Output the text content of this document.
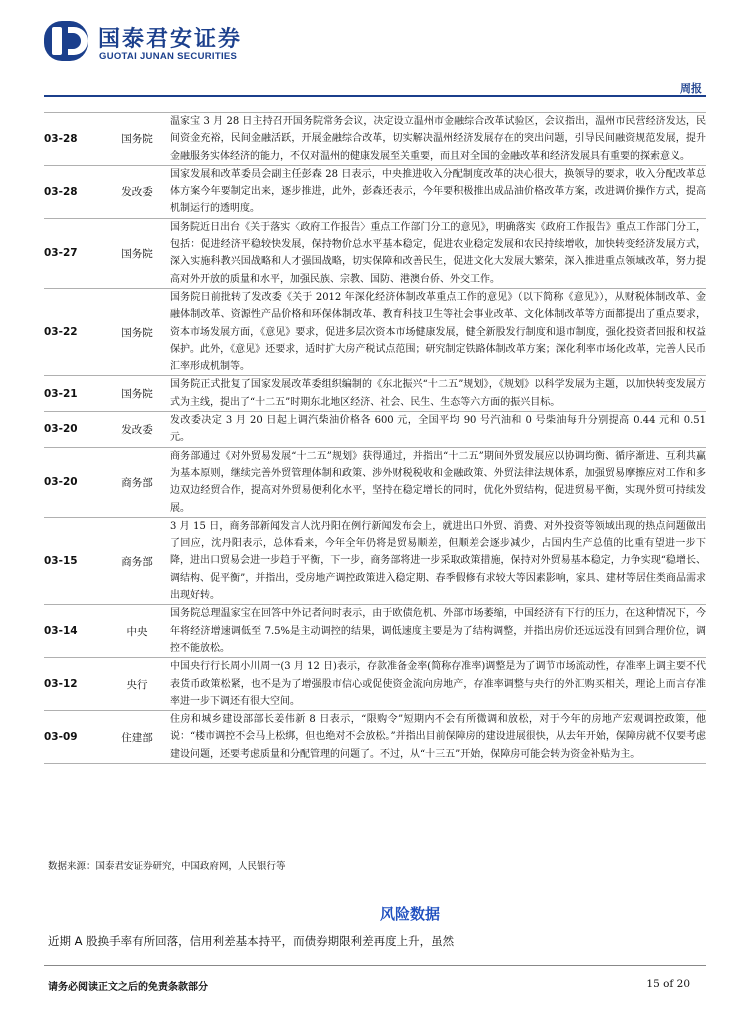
国泰君安证券
GUOTAI JUNAN SECURITIES
周报
03-28	国务院	温家宝 3 月 28 日主持召开国务院常务会议，决定设立温州市金融综合改革试验区，会议指出，温州市民营经济发达，民间资金充裕，民间金融活跃，开展金融综合改革，切实解决温州经济发展存在的突出问题，引导民间融资规范发展，提升金融服务实体经济的能力，不仅对温州的健康发展至关重要，而且对全国的金融改革和经济发展具有重要的探索意义。
03-28	发改委	国家发展和改革委员会副主任彭森 28 日表示，中央推进收入分配制度改革的决心很大，换领导的要求，收入分配改革总体方案今年要制定出来，逐步推进，此外，彭森还表示，今年要积极推出成品油价格改革方案，改进调价操作方式，提高机制运行的透明度。
03-27	国务院	国务院近日出台《关于落实〈政府工作报告〉重点工作部门分工的意见》，明确落实《政府工作报告》重点工作部门分工，包括：促进经济平稳较快发展，保持物价总水平基本稳定，促进农业稳定发展和农民持续增收，加快转变经济发展方式，深入实施科教兴国战略和人才强国战略，切实保障和改善民生，促进文化大发展大繁荣，深入推进重点领域改革，努力提高对外开放的质量和水平，加强民族、宗教、国防、港澳台侨、外交工作。
03-22	国务院	国务院日前批转了发改委《关于 2012 年深化经济体制改革重点工作的意见》（以下简称《意见》），从财税体制改革、金融体制改革、资源性产品价格和环保体制改革、教育科技卫生等社会事业改革、文化体制改革等方面都提出了重点要求，资本市场发展方面，《意见》要求，促进多层次资本市场健康发展，健全新股发行制度和退市制度，强化投资者回报和权益保护。此外，《意见》还要求，适时扩大房产税试点范围；研究制定铁路体制改革方案；深化利率市场化改革，完善人民币汇率形成机制等。
03-21	国务院	国务院正式批复了国家发展改革委组织编制的《东北振兴“十二五”规划》，《规划》以科学发展为主题，以加快转变发展方式为主线，提出了“十二五”时期东北地区经济、社会、民生、生态等六方面的振兴目标。
03-20	发改委	发改委决定 3 月 20 日起上调汽柴油价格各 600 元，全国平均 90 号汽油和 0 号柴油每升分别提高 0.44 元和 0.51 元。
03-20	商务部	商务部通过《对外贸易发展“十二五”规划》获得通过，并指出“十二五”期间外贸发展应以协调均衡、循序渐进、互利共赢为基本原则，继续完善外贸管理体制和政策、涉外财税税收和金融政策、外贸法律法规体系，加强贸易摩擦应对工作和多边双边经贸合作，提高对外贸易便利化水平，坚持在稳定增长的同时，优化外贸结构，促进贸易平衡，实现外贸可持续发展。
03-15	商务部	3 月 15 日，商务部新闻发言人沈丹阳在例行新闻发布会上，就进出口外贸、消费、对外投资等领域出现的热点问题做出了回应，沈丹阳表示，总体看来，今年全年仍将是贸易顺差，但顺差会逐步减少，占国内生产总值的比重有望进一步下降，进出口贸易会进一步趋于平衡，下一步，商务部将进一步采取政策措施，保持对外贸易基本稳定，力争实现“稳增长、调结构、促平衡”，并指出，受房地产调控政策进入稳定期、春季假修有求较大等因素影响，家具、建材等居住类商品需求出现好转。
03-14	中央	国务院总理温家宝在回答中外记者问时表示，由于欧债危机、外部市场萎缩，中国经济有下行的压力，在这种情况下，今年将经济增速调低至 7.5%是主动调控的结果，调低速度主要是为了结构调整，并指出房价还远远没有回到合理价位，调控不能放松。
03-12	央行	中国央行行长周小川周一(3 月 12 日)表示，存款准备金率(简称存准率)调整是为了调节市场流动性，存准率上调主要不代表货币政策松紧，也不是为了增强股市信心或促使资金流向房地产，存准率调整与央行的外汇购买相关，理论上而言存准率进一步下调还有很大空间。
03-09	住建部	住房和城乡建设部部长姜伟新 8 日表示，“限购令”短期内不会有所微调和放松，对于今年的房地产宏观调控政策，他说：“楼市调控不会马上松绑，但也绝对不会放松。”并指出目前保障房的建设进展很快，从去年开始，保障房就不仅要考虑建设问题，还要考虑质量和分配管理的问题了。不过，从“十三五”开始，保障房可能会转为资金补贴为主。
数据来源：国泰君安证券研究，中国政府网，人民银行等
风险数据
近期 A 股换手率有所回落，信用利差基本持平，而债券期限利差再度上升，虽然
请务必阅读正文之后的免责条款部分	15 of 20
